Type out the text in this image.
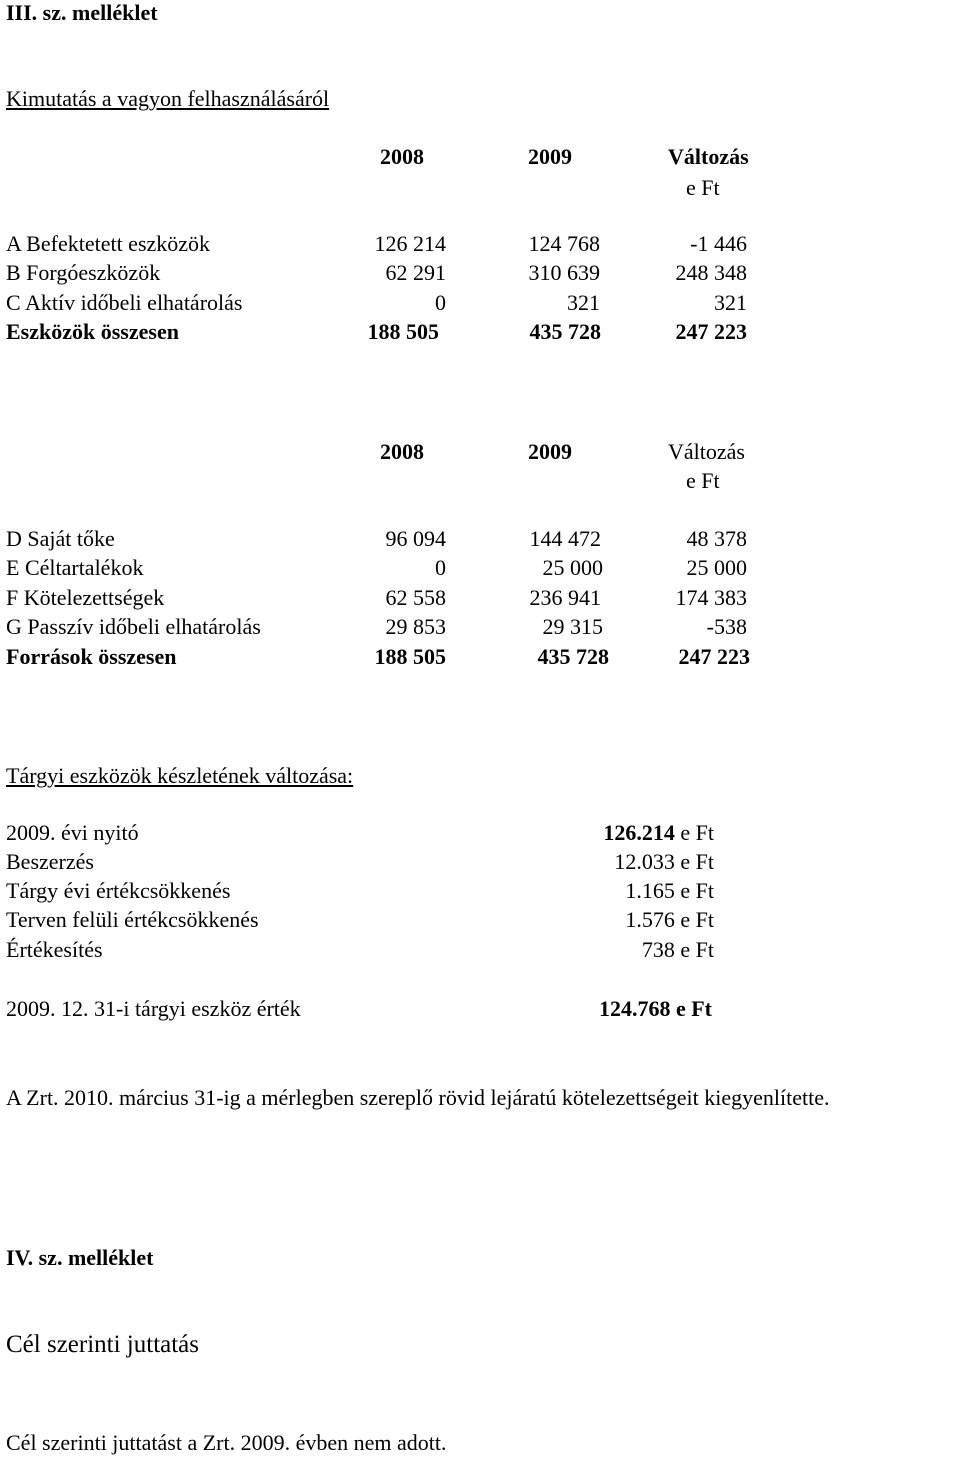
III. sz. melléklet
Kimutatás a vagyon felhasználásáról
2008	2009	Változás
e Ft
A Befektetett eszközök	126 214	124 768	-1 446
B Forgóeszközök	62 291	310 639	248 348
C Aktív időbeli elhatárolás	0	321	321
Eszközök összesen	188 505	435 728	247 223
2008	2009	Változás
e Ft
D Saját tőke	96 094	144 472	48 378
E Céltartalékok	0	25 000	25 000
F Kötelezettségek	62 558	236 941	174 383
G Passzív időbeli elhatárolás	29 853	29 315	-538
Források összesen	188 505	435 728	247 223
Tárgyi eszközök készletének változása:
2009. évi nyitó	126.214 e Ft
Beszerzés	12.033 e Ft
Tárgy évi értékcsökkenés	1.165 e Ft
Terven felüli értékcsökkenés	1.576 e Ft
Értékesítés	738 e Ft
2009. 12. 31-i tárgyi eszköz érték	124.768 e Ft
A Zrt. 2010. március 31-ig a mérlegben szereplő rövid lejáratú kötelezettségeit kiegyenlítette.
IV. sz. melléklet
Cél szerinti juttatás
Cél szerinti juttatást a Zrt. 2009. évben nem adott.
